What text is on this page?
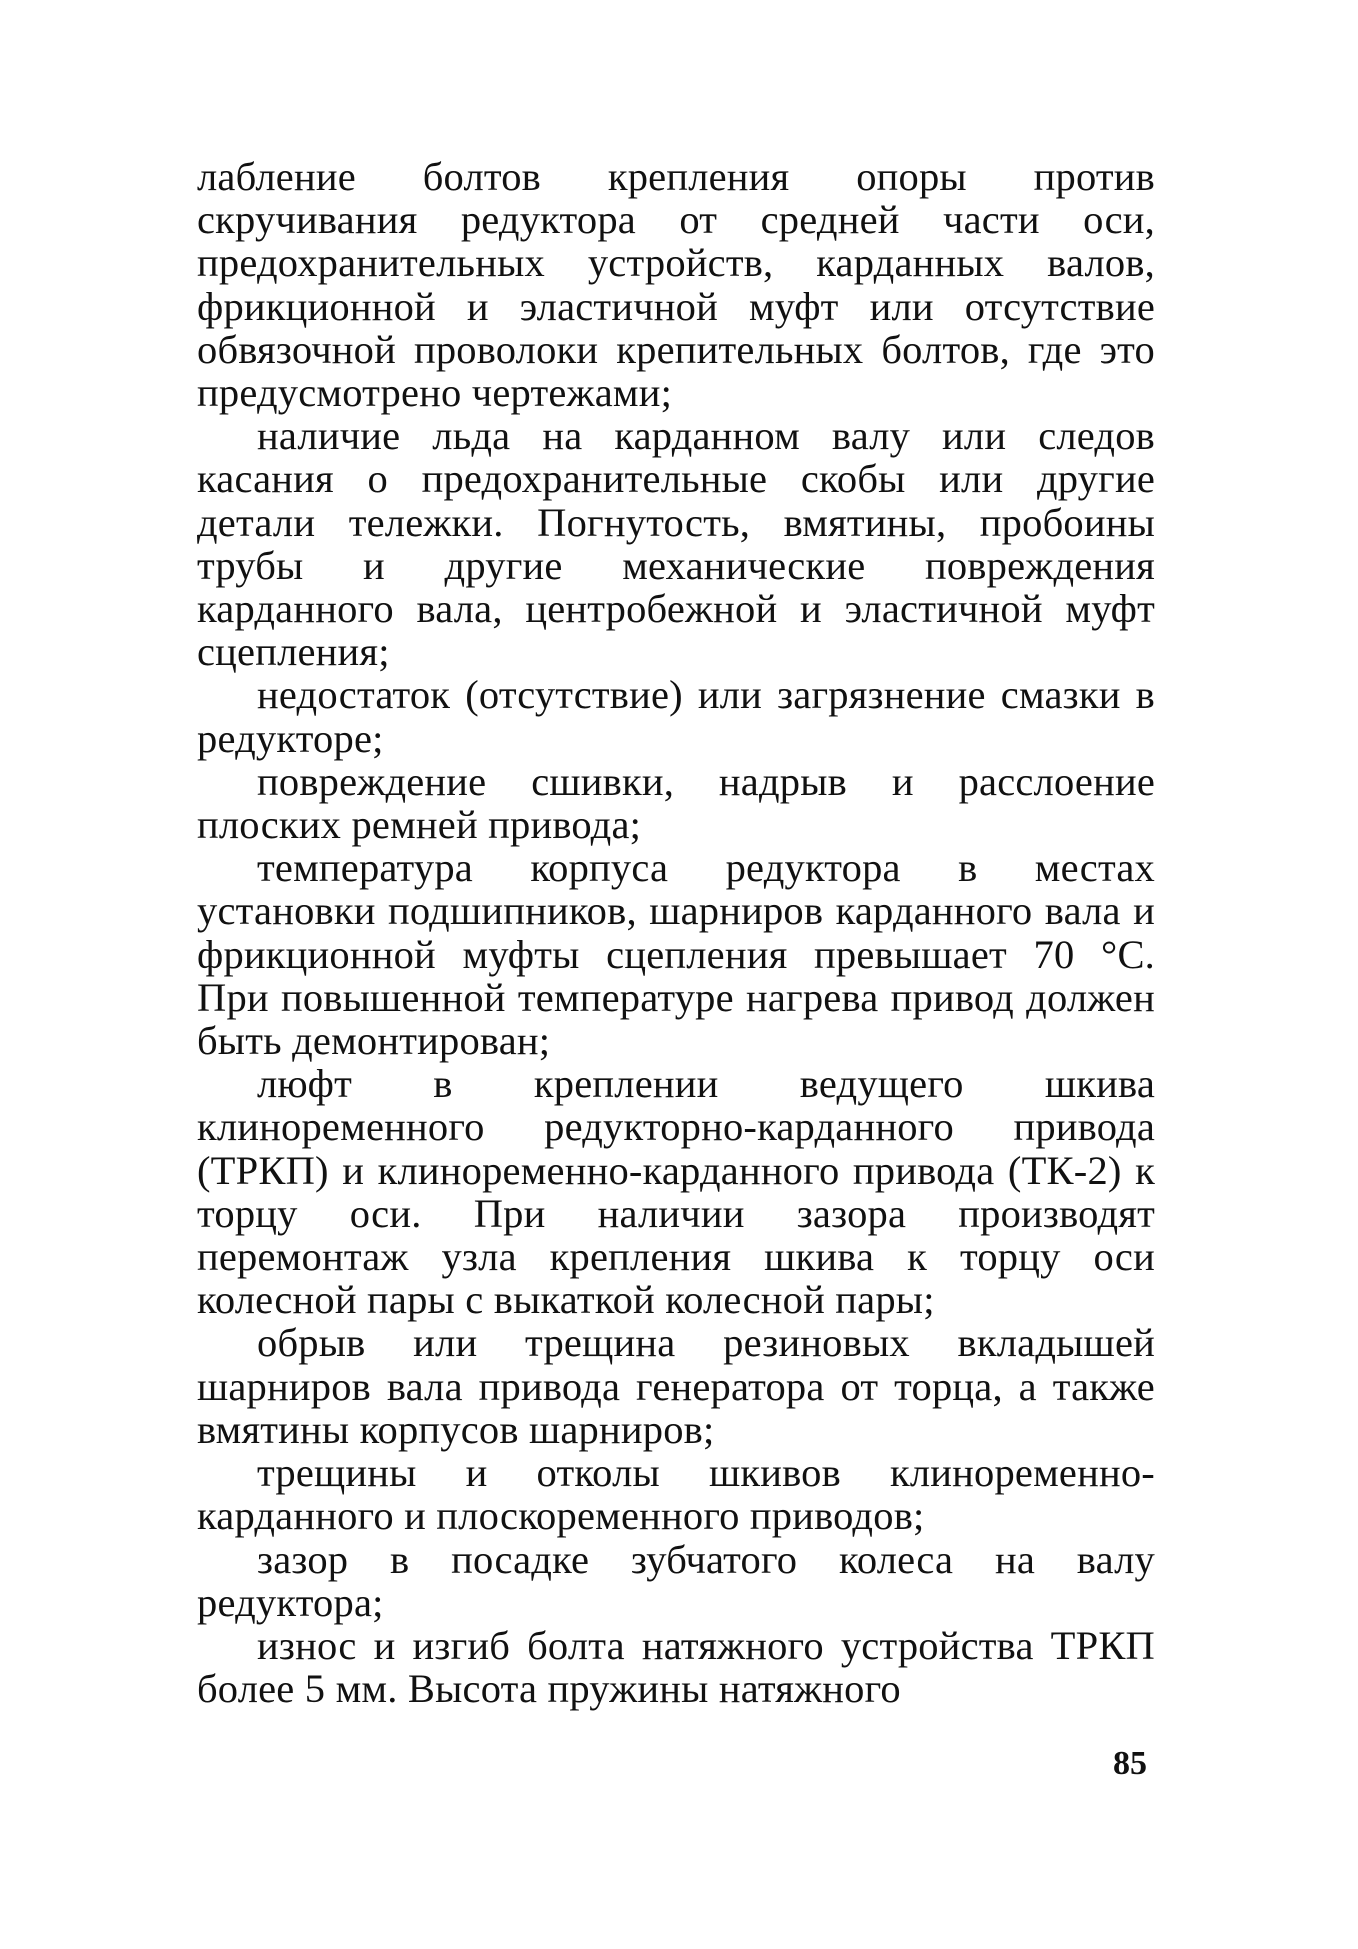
лабление болтов крепления опоры против скручивания редуктора от средней части оси, предохранительных устройств, карданных валов, фрикционной и эластичной муфт или отсутствие обвязочной проволоки крепительных болтов, где это предусмотрено чертежами;

наличие льда на карданном валу или следов касания о предохранительные скобы или другие детали тележки. Погнутость, вмятины, пробоины трубы и другие механические повреждения карданного вала, центробежной и эластичной муфт сцепления;

недостаток (отсутствие) или загрязнение смазки в редукторе;

повреждение сшивки, надрыв и расслоение плоских ремней привода;

температура корпуса редуктора в местах установки подшипников, шарниров карданного вала и фрикционной муфты сцепления превышает 70 °С. При повышенной температуре нагрева привод должен быть демонтирован;

люфт в креплении ведущего шкива клиноременного редукторно-карданного привода (ТРКП) и клиноременно-карданного привода (ТК-2) к торцу оси. При наличии зазора производят перемонтаж узла крепления шкива к торцу оси колесной пары с выкаткой колесной пары;

обрыв или трещина резиновых вкладышей шарниров вала привода генератора от торца, а также вмятины корпусов шарниров;

трещины и отколы шкивов клиноременно-карданного и плоскоременного приводов;

зазор в посадке зубчатого колеса на валу редуктора;

износ и изгиб болта натяжного устройства ТРКП более 5 мм. Высота пружины натяжного

85
